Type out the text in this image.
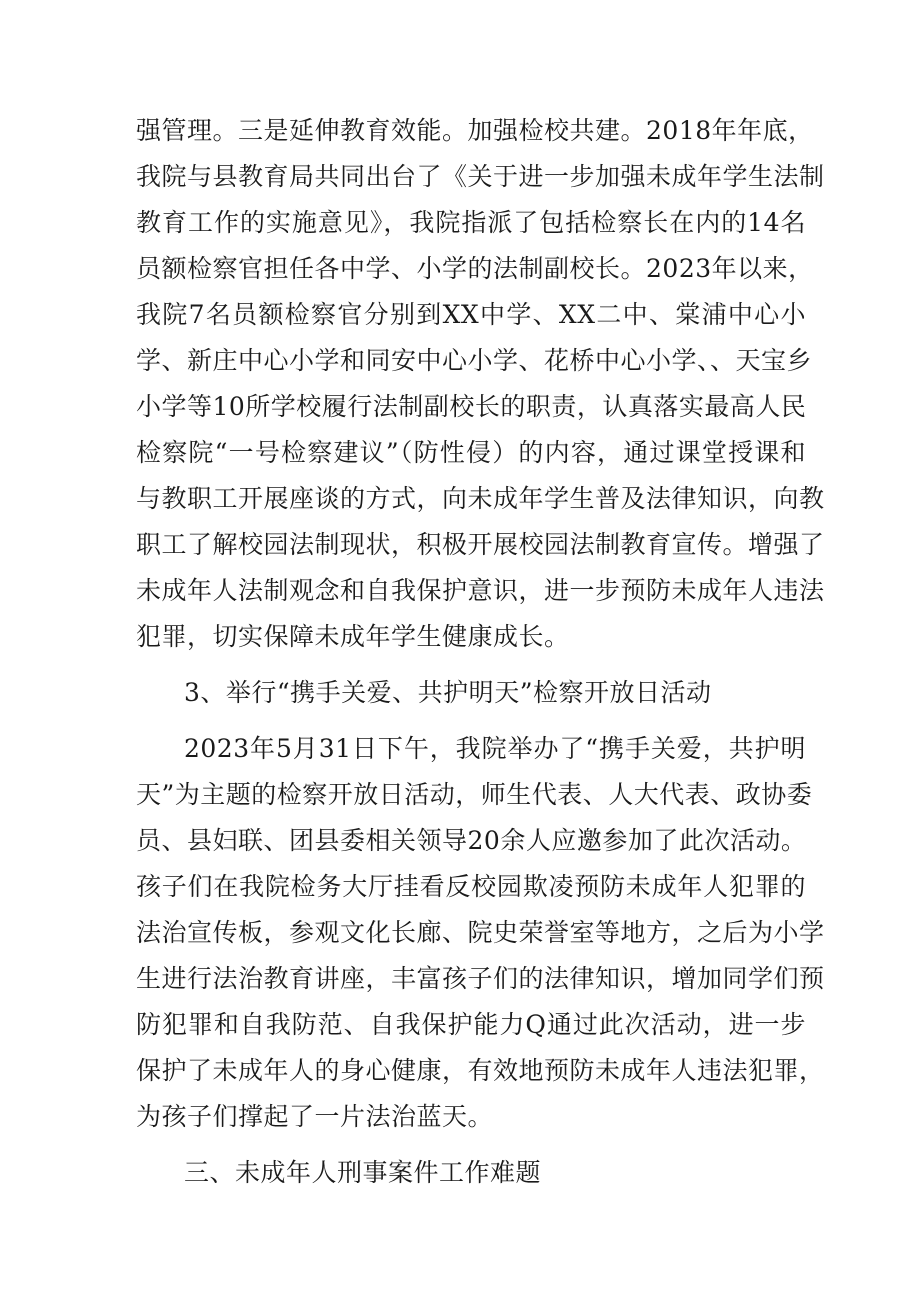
强管理。三是延伸教育效能。加强检校共建。2018年年底，
我院与县教育局共同出台了《关于进一步加强未成年学生法制
教育工作的实施意见》，我院指派了包括检察长在内的14名
员额检察官担任各中学、小学的法制副校长。2023年以来，
我院7名员额检察官分别到XX中学、XX二中、棠浦中心小
学、新庄中心小学和同安中心小学、花桥中心小学、、天宝乡
小学等10所学校履行法制副校长的职责，认真落实最高人民
检察院“一号检察建议”（防性侵）的内容，通过课堂授课和
与教职工开展座谈的方式，向未成年学生普及法律知识，向教
职工了解校园法制现状，积极开展校园法制教育宣传。增强了
未成年人法制观念和自我保护意识，进一步预防未成年人违法
犯罪，切实保障未成年学生健康成长。
3、举行“携手关爱、共护明天”检察开放日活动
2023年5月31日下午，我院举办了“携手关爱，共护明
天”为主题的检察开放日活动，师生代表、人大代表、政协委
员、县妇联、团县委相关领导20余人应邀参加了此次活动。
孩子们在我院检务大厅挂看反校园欺凌预防未成年人犯罪的
法治宣传板，参观文化长廊、院史荣誉室等地方，之后为小学
生进行法治教育讲座，丰富孩子们的法律知识，增加同学们预
防犯罪和自我防范、自我保护能力Q通过此次活动，进一步
保护了未成年人的身心健康，有效地预防未成年人违法犯罪，
为孩子们撑起了一片法治蓝天。
三、未成年人刑事案件工作难题
